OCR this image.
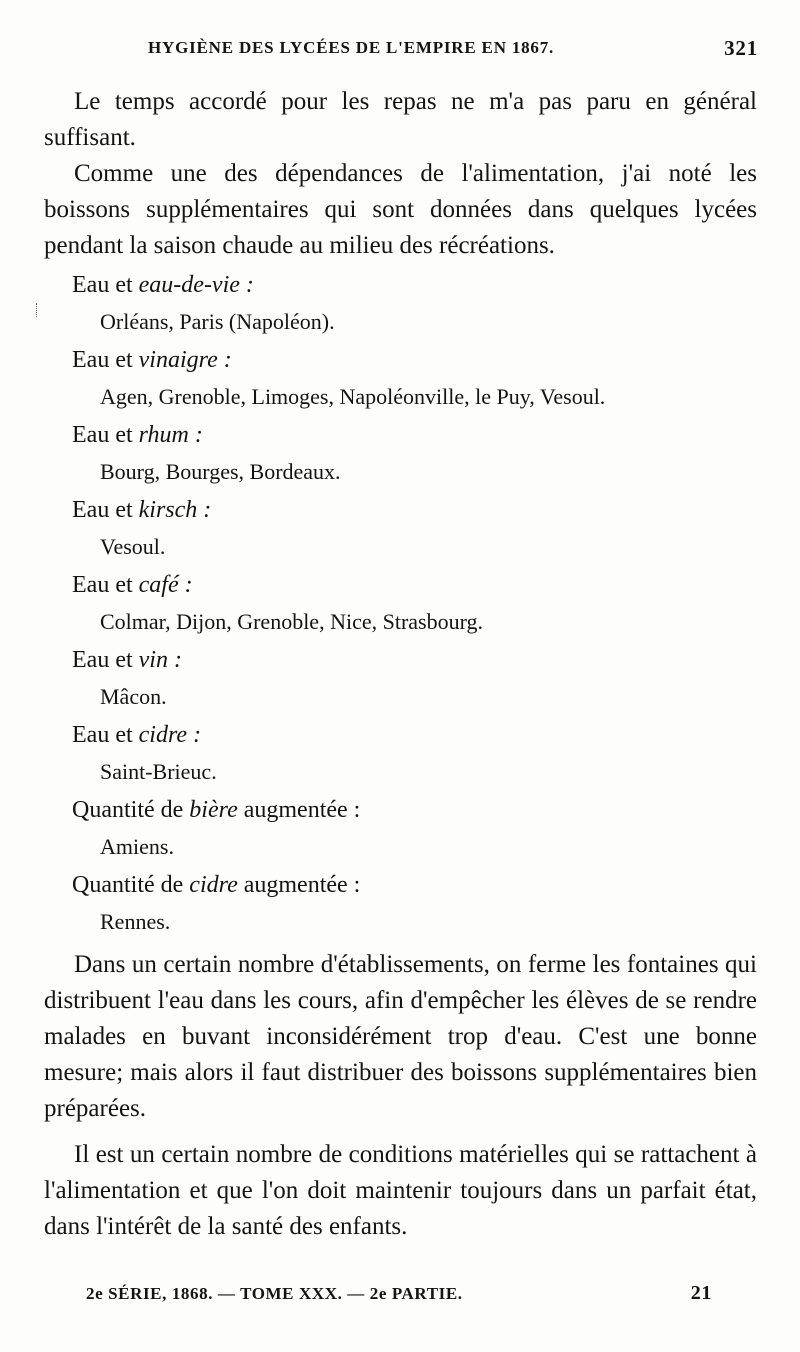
HYGIÈNE DES LYCÉES DE L'EMPIRE EN 1867.	321

Le temps accordé pour les repas ne m'a pas paru en général suffisant.

Comme une des dépendances de l'alimentation, j'ai noté les boissons supplémentaires qui sont données dans quelques lycées pendant la saison chaude au milieu des récréations.

Eau et eau-de-vie :

Orléans, Paris (Napoléon).

Eau et vinaigre :

Agen, Grenoble, Limoges, Napoléonville, le Puy, Vesoul.

Eau et rhum :

Bourg, Bourges, Bordeaux.

Eau et kirsch :

Vesoul.

Eau et café :

Colmar, Dijon, Grenoble, Nice, Strasbourg.

Eau et vin :

Mâcon.

Eau et cidre :

Saint-Brieuc.

Quantité de bière augmentée :

Amiens.

Quantité de cidre augmentée :

Rennes.

Dans un certain nombre d'établissements, on ferme les fontaines qui distribuent l'eau dans les cours, afin d'empêcher les élèves de se rendre malades en buvant inconsidérément trop d'eau. C'est une bonne mesure; mais alors il faut distribuer des boissons supplémentaires bien préparées.

Il est un certain nombre de conditions matérielles qui se rattachent à l'alimentation et que l'on doit maintenir toujours dans un parfait état, dans l'intérêt de la santé des enfants.

2e SÉRIE, 1868. — TOME XXX. — 2e PARTIE.	21
